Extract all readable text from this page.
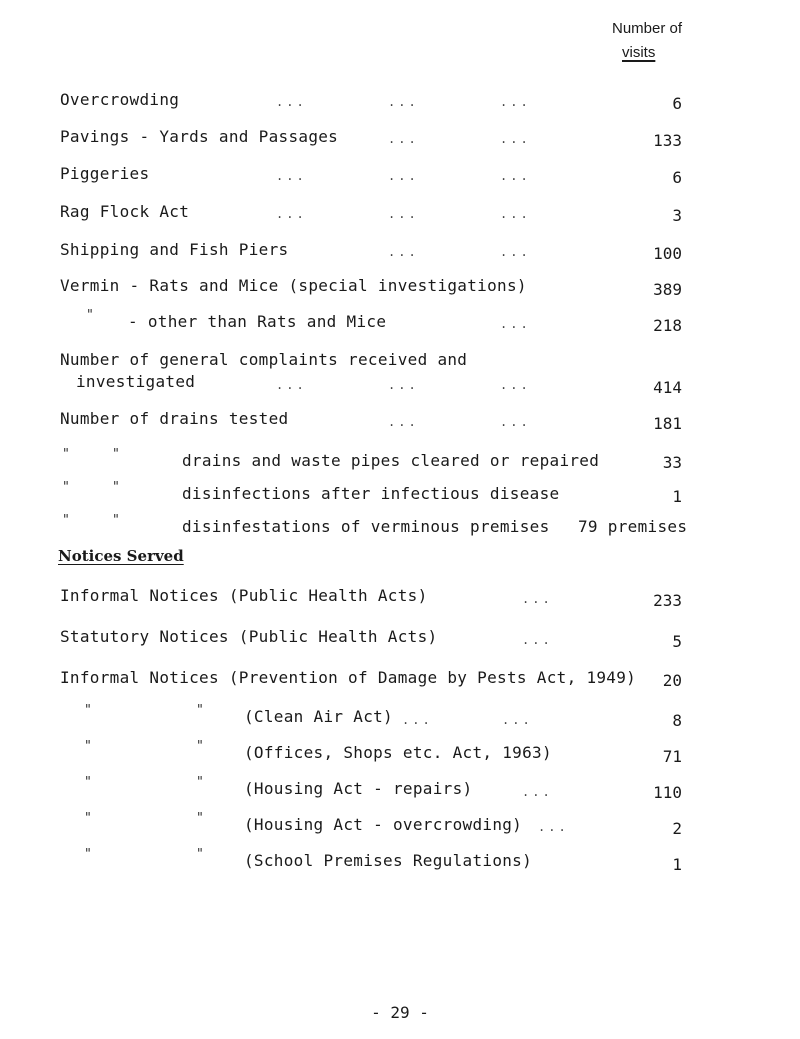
Number of
visits
Overcrowding	...	...	...	6
Pavings - Yards and Passages	...	...	133
Piggeries	...	...	...	6
Rag Flock Act	...	...	...	3
Shipping and Fish Piers	...	...	100
Vermin - Rats and Mice (special investigations)	389
" - other than Rats and Mice	...	218
Number of general complaints received and
investigated	...	...	...	414
Number of drains tested	...	...	181
"	"	drains and waste pipes cleared or repaired	33
"	"	disinfections after infectious disease	1
"	"	disinfestations of verminous premises 79 premises
Notices Served
Informal Notices (Public Health Acts)	...	233
Statutory Notices (Public Health Acts)	...	5
Informal Notices (Prevention of Damage by Pests Act, 1949) 20
"	"	(Clean Air Act) ...	...	8
"	"	(Offices, Shops etc. Act, 1963)	71
"	"	(Housing Act - repairs)	...	110
"	"	(Housing Act - overcrowding) ...	2
"	"	(School Premises Regulations)	1
- 29 -
